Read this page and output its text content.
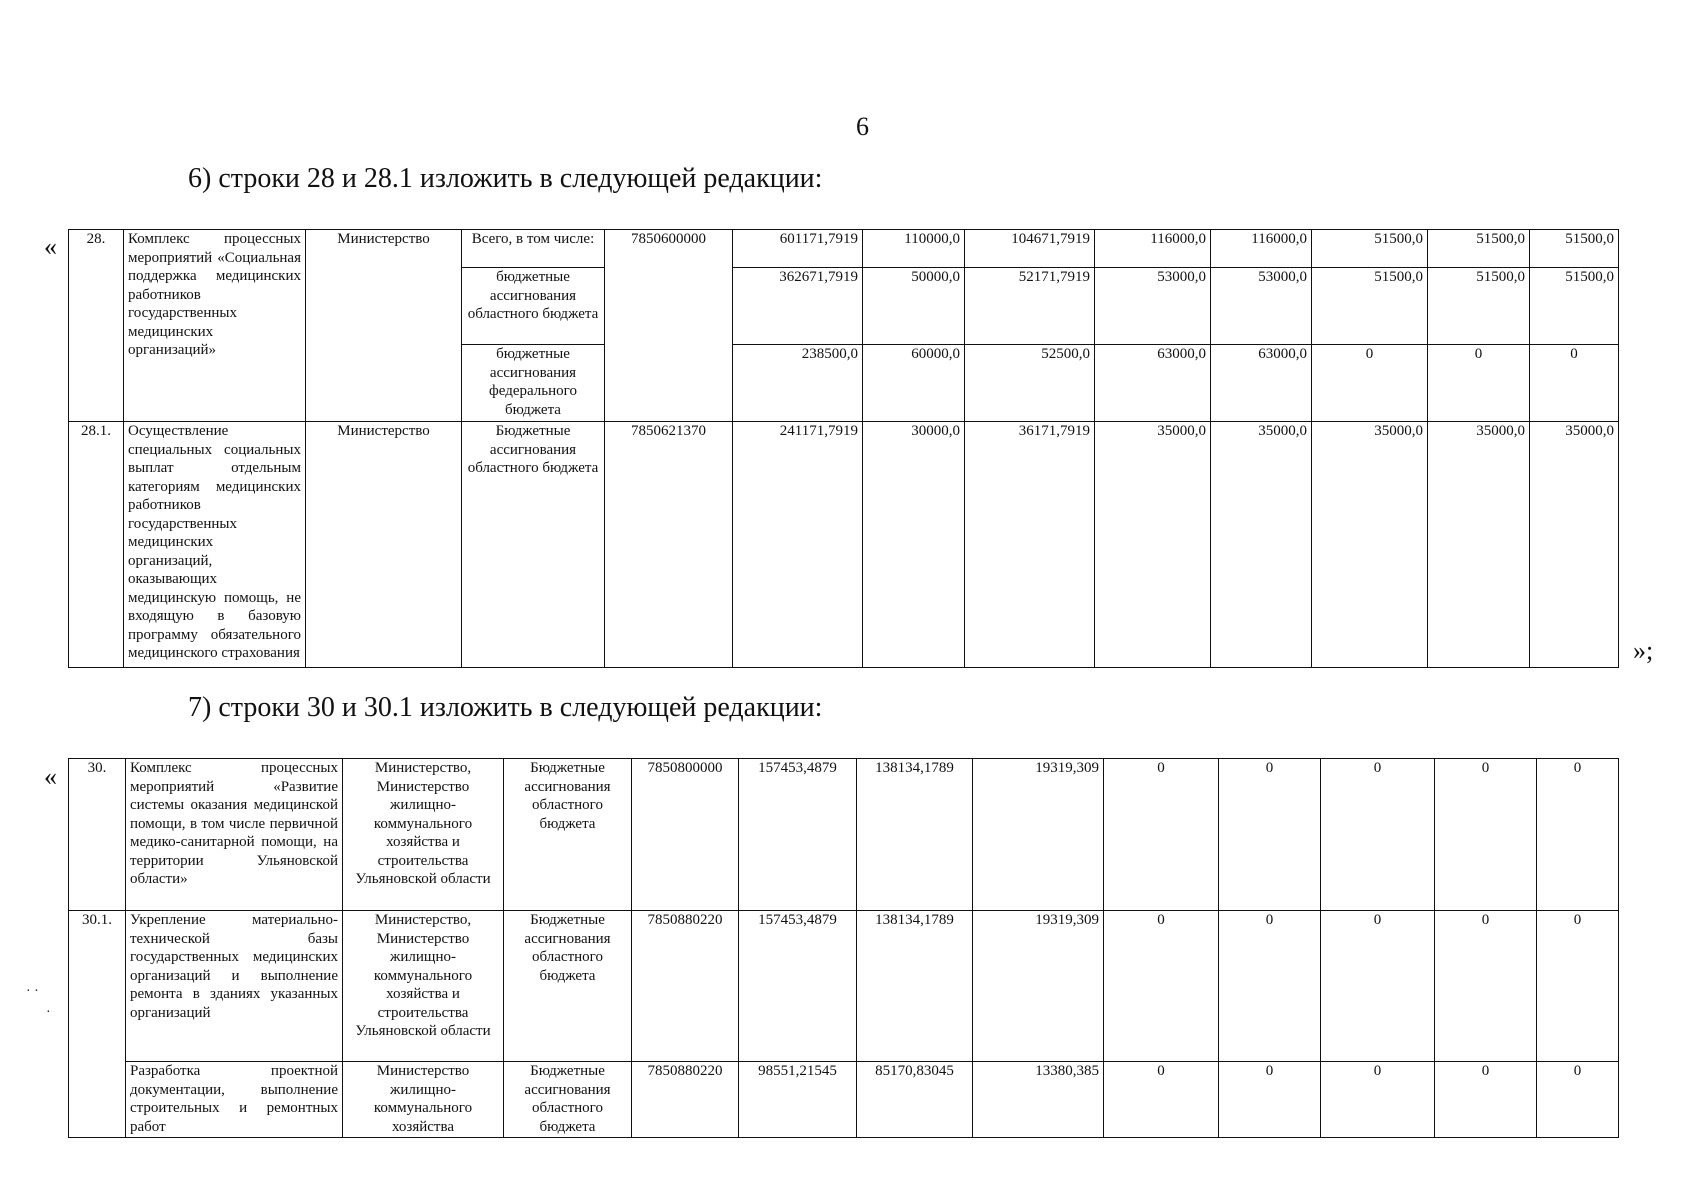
6
6) строки 28 и 28.1 изложить в следующей редакции:
«
»;
28.	Комплекс процессных мероприятий «Социальная поддержка медицинских работников государственных медицинских организаций»	Министерство	Всего, в том числе:	7850600000	601171,7919	110000,0	104671,7919	116000,0	116000,0	51500,0	51500,0	51500,0
			бюджетные ассигнования областного бюджета		362671,7919	50000,0	52171,7919	53000,0	53000,0	51500,0	51500,0	51500,0
			бюджетные ассигнования федерального бюджета		238500,0	60000,0	52500,0	63000,0	63000,0	0	0	0
28.1.	Осуществление специальных социальных выплат отдельным категориям медицинских работников государственных медицинских организаций, оказывающих медицинскую помощь, не входящую в базовую программу обязательного медицинского страхования	Министерство	Бюджетные ассигнования областного бюджета	7850621370	241171,7919	30000,0	36171,7919	35000,0	35000,0	35000,0	35000,0	35000,0
7) строки 30 и 30.1 изложить в следующей редакции:
«
· ·
·
30.	Комплекс процессных мероприятий «Развитие системы оказания медицинской помощи, в том числе первичной медико-санитарной помощи, на территории Ульяновской области»	Министерство, Министерство жилищно-коммунального хозяйства и строительства Ульяновской области	Бюджетные ассигнования областного бюджета	7850800000	157453,4879	138134,1789	19319,309	0	0	0	0	0
30.1.	Укрепление материально-технической базы государственных медицинских организаций и выполнение ремонта в зданиях указанных организаций	Министерство, Министерство жилищно-коммунального хозяйства и строительства Ульяновской области	Бюджетные ассигнования областного бюджета	7850880220	157453,4879	138134,1789	19319,309	0	0	0	0	0
	Разработка проектной документации, выполнение строительных и ремонтных работ	Министерство жилищно-коммунального хозяйства	Бюджетные ассигнования областного бюджета	7850880220	98551,21545	85170,83045	13380,385	0	0	0	0	0
